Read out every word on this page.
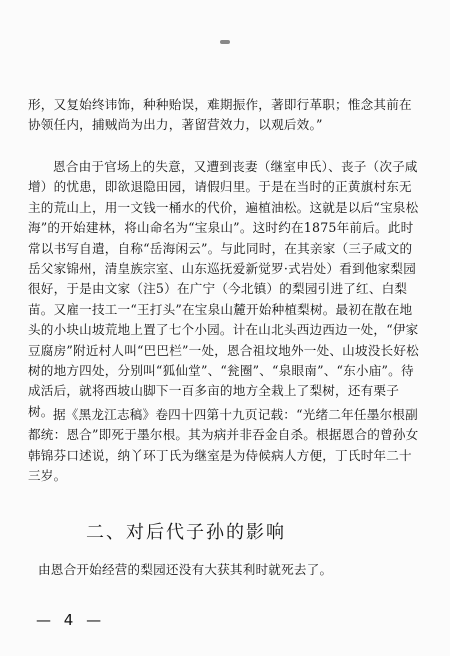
形，又复始终讳饰，种种贻误，难期振作，著即行革职；惟念其前在协领任内，捕贼尚为出力，著留营效力，以观后效。”

恩合由于官场上的失意，又遭到丧妻（继室申氏）、丧子（次子咸增）的忧患，即欲退隐田园，请假归里。于是在当时的正黄旗村东无主的荒山上，用一文钱一桶水的代价，遍植油松。这就是以后“宝泉松海”的开始建林，将山命名为“宝泉山”。这时约在1875年前后。此时常以书写自遣，自称“岳海闲云”。与此同时，在其亲家（三子咸文的岳父家锦州，清皇族宗室、山东巡抚爱新觉罗·式岩处）看到他家梨园很好，于是由文家（注5）在广宁（今北镇）的梨园引进了红、白梨苗。又雇一技工一“王打头”在宝泉山麓开始种植梨树。最初在散在地头的小块山坡荒地上置了七个小园。计在山北头西边西边一处，“伊家豆腐房”附近村人叫“巴巴栏”一处，恩合祖坟地外一处、山坡没长好松树的地方四处，分别叫“狐仙堂”、“瓮圈”、“泉眼南”、“东小庙”。待成活后，就将西坡山脚下一百多亩的地方全栽上了梨树，还有栗子树。 据《黑龙江志稿》卷四十四第十九页记载：“光绪二年任墨尔根副都统：恩合”即死于墨尔根。其为病并非吞金自杀。根据恩合的曾孙女韩锦芬口述说，纳丫环丁氏为继室是为侍候病人方便，丁氏时年二十三岁。

二、对后代子孙的影响

由恩合开始经营的梨园还没有大获其利时就死去了。

— 4 —
